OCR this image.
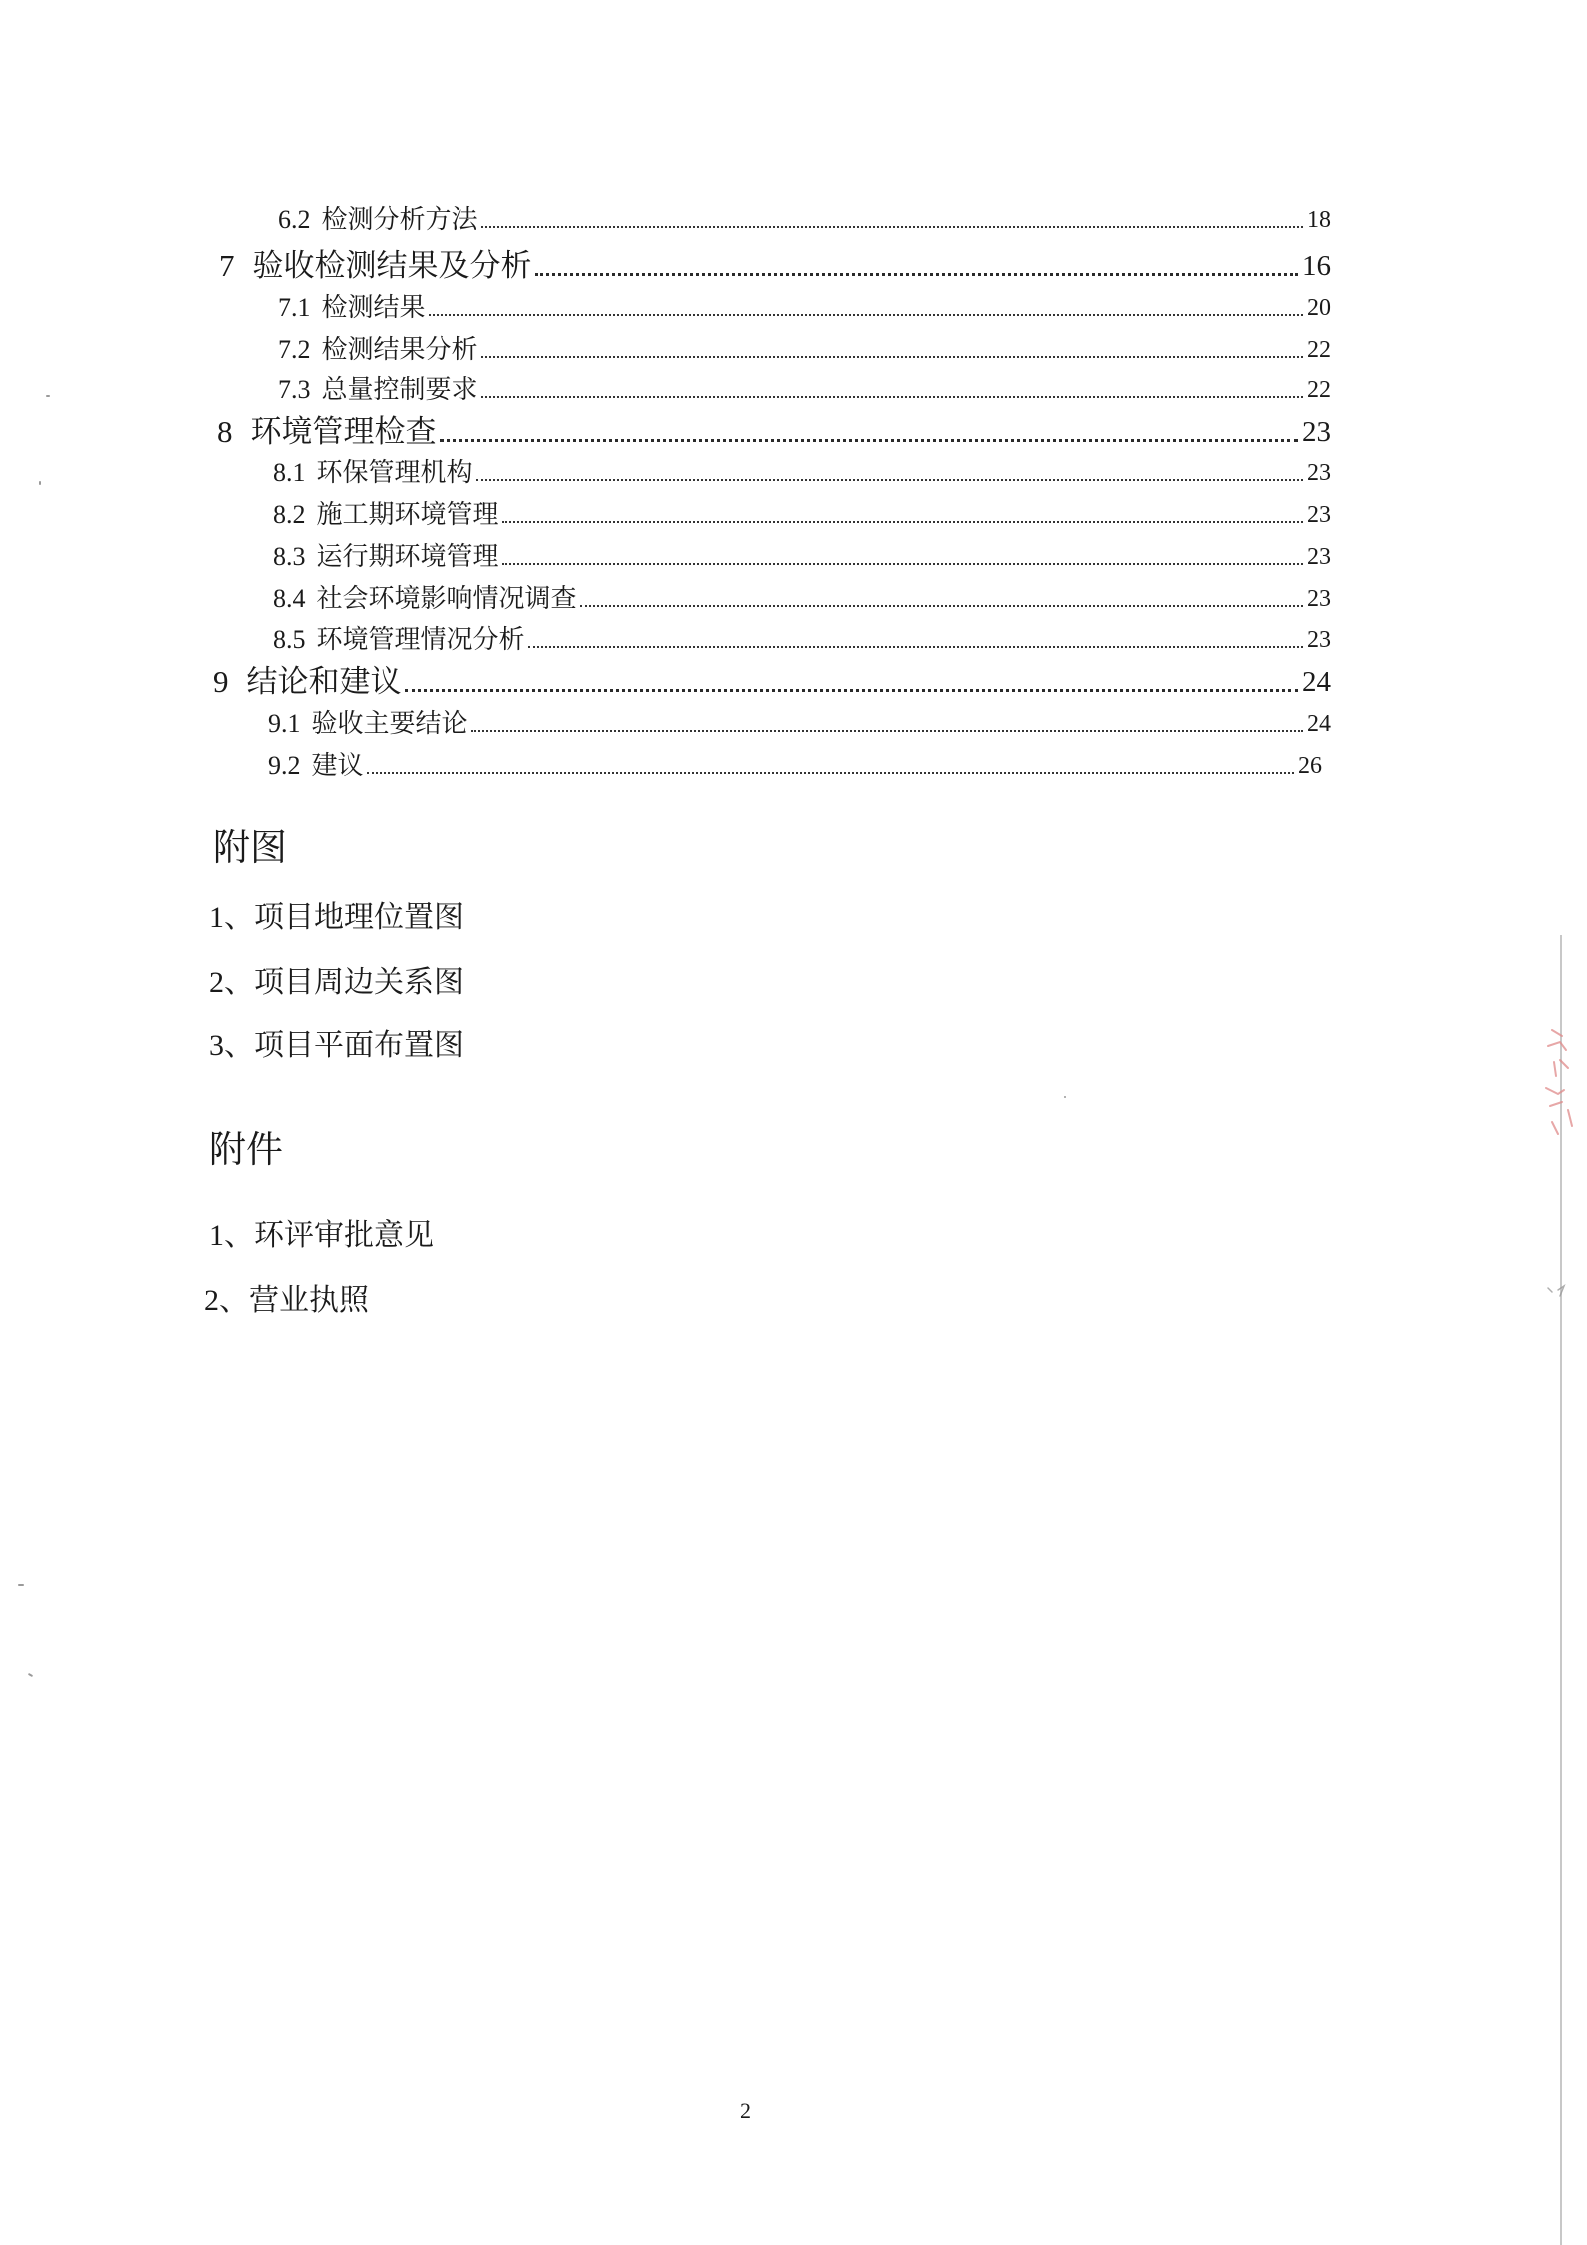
6.2 检测分析方法	18
7 验收检测结果及分析	16
7.1 检测结果	20
7.2 检测结果分析	22
7.3 总量控制要求	22
8 环境管理检查	23
8.1 环保管理机构	23
8.2 施工期环境管理	23
8.3 运行期环境管理	23
8.4 社会环境影响情况调查	23
8.5 环境管理情况分析	23
9 结论和建议	24
9.1 验收主要结论	24
9.2 建议	26
附图
1、项目地理位置图
2、项目周边关系图
3、项目平面布置图
附件
1、环评审批意见
2、营业执照
2
